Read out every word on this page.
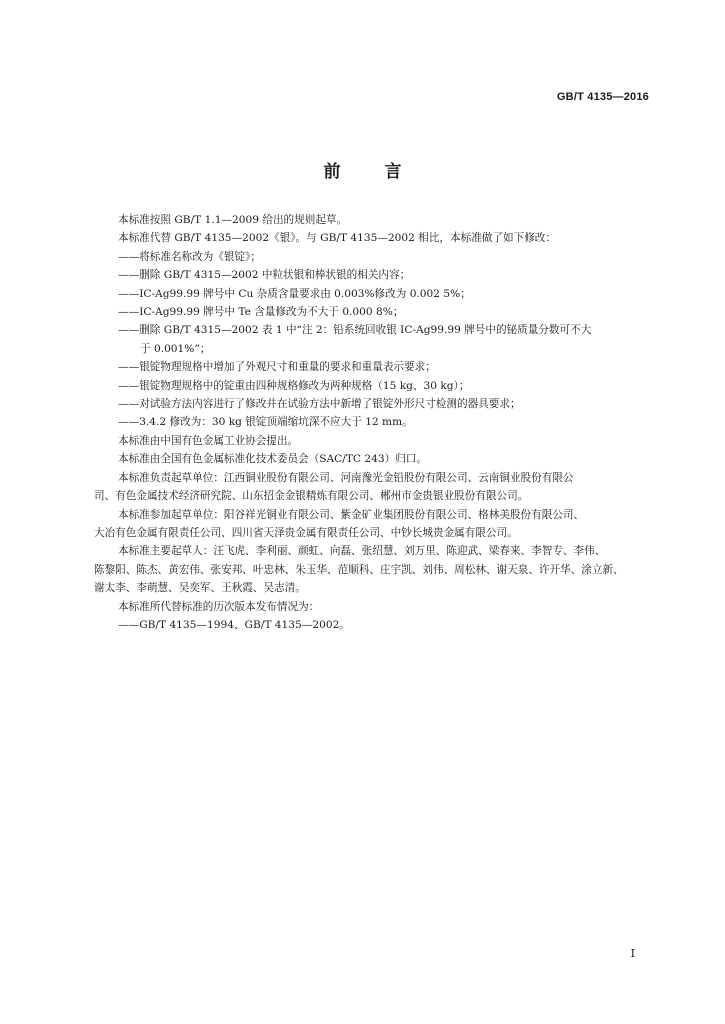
GB/T 4135—2016
前言

本标准按照 GB/T 1.1—2009 给出的规则起草。

本标准代替 GB/T 4135—2002《银》。与 GB/T 4135—2002 相比，本标准做了如下修改：

——将标准名称改为《银锭》；

——删除 GB/T 4315—2002 中粒状银和棒状银的相关内容；

——IC-Ag99.99 牌号中 Cu 杂质含量要求由 0.003%修改为 0.002 5%；

——IC-Ag99.99 牌号中 Te 含量修改为不大于 0.000 8%；

——删除 GB/T 4315—2002 表 1 中“注 2：铅系统回收银 IC-Ag99.99 牌号中的铋质量分数可不大

于 0.001%”；

——银锭物理规格中增加了外观尺寸和重量的要求和重量表示要求；

——银锭物理规格中的锭重由四种规格修改为两种规格（15 kg、30 kg）；

——对试验方法内容进行了修改并在试验方法中新增了银锭外形尺寸检测的器具要求；

——3.4.2 修改为：30 kg 银锭顶端缩坑深不应大于 12 mm。

本标准由中国有色金属工业协会提出。

本标准由全国有色金属标准化技术委员会（SAC/TC 243）归口。

本标准负责起草单位：江西铜业股份有限公司、河南豫光金铅股份有限公司、云南铜业股份有限公

司、有色金属技术经济研究院、山东招金金银精炼有限公司、郴州市金贵银业股份有限公司。

本标准参加起草单位：阳谷祥光铜业有限公司、紫金矿业集团股份有限公司、格林美股份有限公司、

大冶有色金属有限责任公司、四川省天泽贵金属有限责任公司、中钞长城贵金属有限公司。

本标准主要起草人：汪飞虎、李利丽、颜虹、向磊、张绍慧、刘万里、陈迎武、梁春来、李智专、李伟、

陈黎阳、陈杰、黄宏伟、张安邦、叶忠林、朱玉华、范顺科、庄宇凯、刘伟、周松林、谢天泉、许开华、涂立新、

谢太李、李萌慧、吴奕军、王秋霞、吴志清。

本标准所代替标准的历次版本发布情况为：

——GB/T 4135—1994、GB/T 4135—2002。

I
